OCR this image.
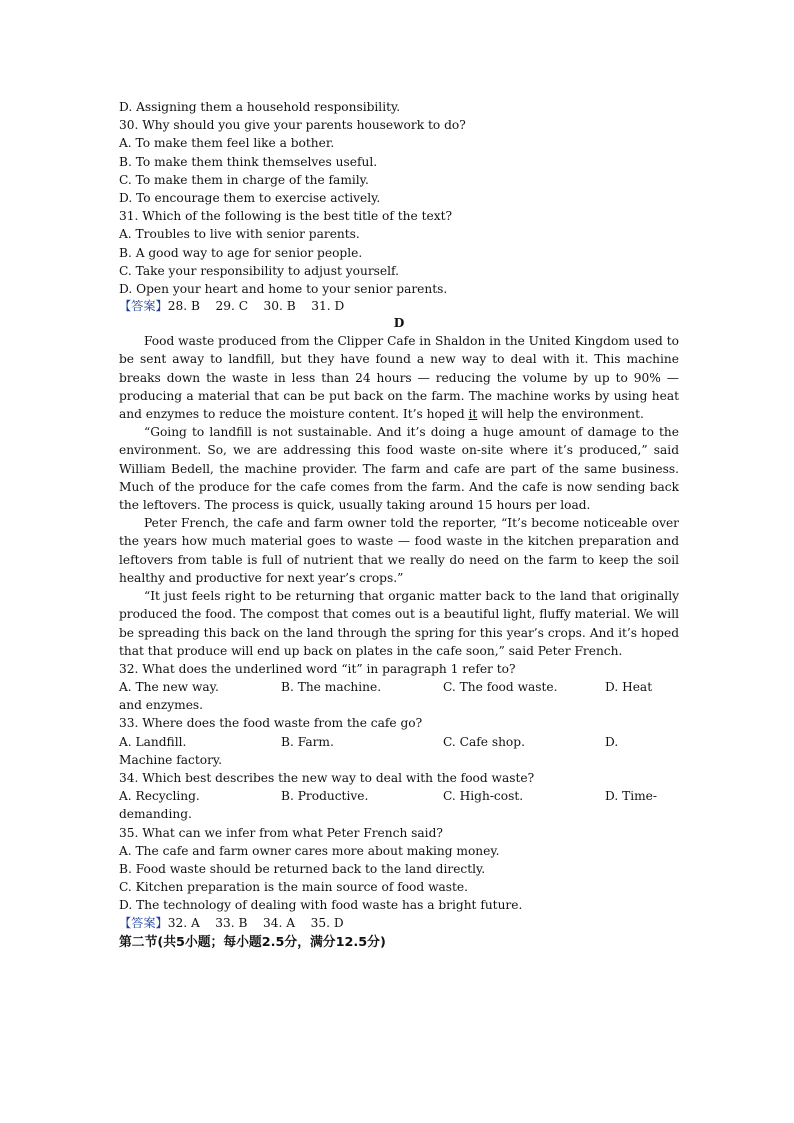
D. Assigning them a household responsibility.
30. Why should you give your parents housework to do?
A. To make them feel like a bother.
B. To make them think themselves useful.
C. To make them in charge of the family.
D. To encourage them to exercise actively.
31. Which of the following is the best title of the text?
A. Troubles to live with senior parents.
B. A good way to age for senior people.
C. Take your responsibility to adjust yourself.
D. Open your heart and home to your senior parents.
【答案】28. B    29. C    30. B    31. D
D

Food waste produced from the Clipper Cafe in Shaldon in the United Kingdom used to be sent away to landfill, but they have found a new way to deal with it. This machine breaks down the waste in less than 24 hours — reducing the volume by up to 90% — producing a material that can be put back on the farm. The machine works by using heat and enzymes to reduce the moisture content. It’s hoped it will help the environment.

“Going to landfill is not sustainable. And it’s doing a huge amount of damage to the environment. So, we are addressing this food waste on-site where it’s produced,” said William Bedell, the machine provider. The farm and cafe are part of the same business. Much of the produce for the cafe comes from the farm. And the cafe is now sending back the leftovers. The process is quick, usually taking around 15 hours per load.

Peter French, the cafe and farm owner told the reporter, “It’s become noticeable over the years how much material goes to waste — food waste in the kitchen preparation and leftovers from table is full of nutrient that we really do need on the farm to keep the soil healthy and productive for next year’s crops.”

“It just feels right to be returning that organic matter back to the land that originally produced the food. The compost that comes out is a beautiful light, fluffy material. We will be spreading this back on the land through the spring for this year’s crops. And it’s hoped that that produce will end up back on plates in the cafe soon,” said Peter French.

32. What does the underlined word “it” in paragraph 1 refer to?
A. The new way.	B. The machine.	C. The food waste.	D. Heat
and enzymes.
33. Where does the food waste from the cafe go?
A. Landfill.	B. Farm.	C. Cafe shop.	D.
Machine factory.
34. Which best describes the new way to deal with the food waste?
A. Recycling.	B. Productive.	C. High-cost.	D. Time-
demanding.
35. What can we infer from what Peter French said?
A. The cafe and farm owner cares more about making money.
B. Food waste should be returned back to the land directly.
C. Kitchen preparation is the main source of food waste.
D. The technology of dealing with food waste has a bright future.
【答案】32. A    33. B    34. A    35. D
第二节(共5小题；每小题2.5分，满分12.5分)
